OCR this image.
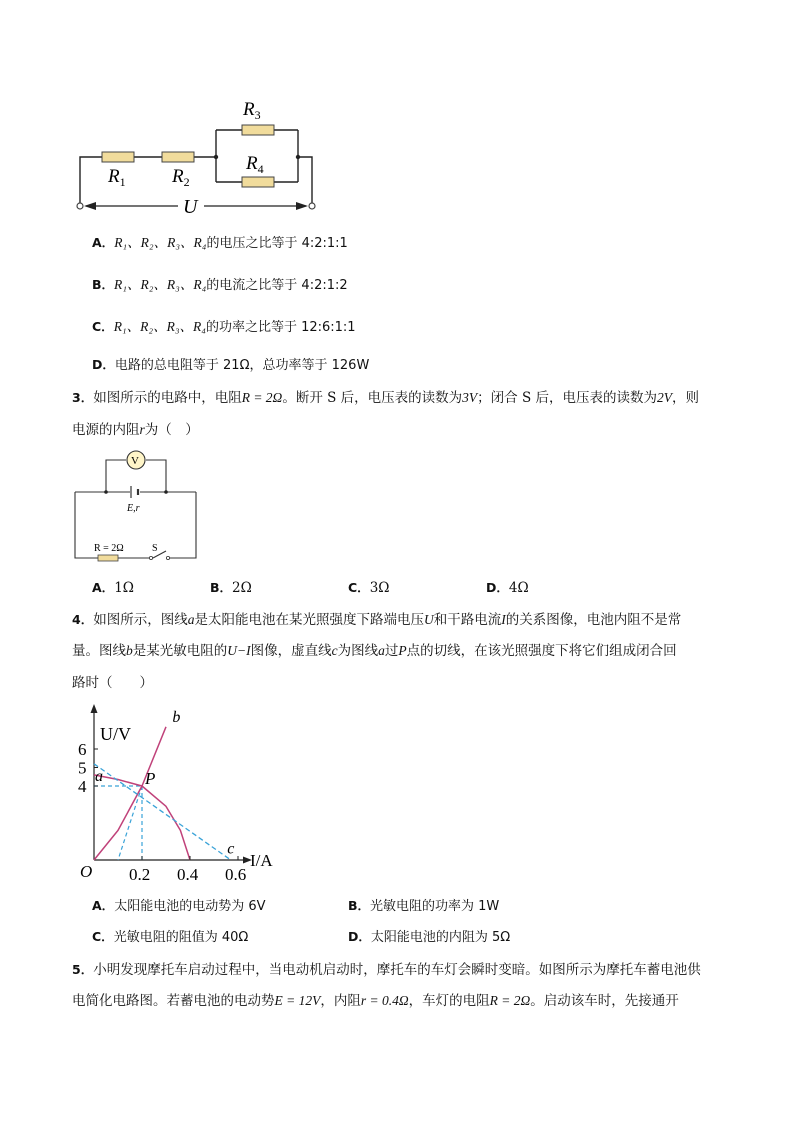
$R_1$ $R_2$
$R_3$
$R_4$
U
A．R₁、R₂、R₃、R₄的电压之比等于 4:2:1:1
B．R₁、R₂、R₃、R₄的电流之比等于 4:2:1:2
C．R₁、R₂、R₃、R₄的功率之比等于 12:6:1:1
D．电路的总电阻等于 21Ω，总功率等于 126W
3．如图所示的电路中，电阻R = 2Ω。断开 S 后，电压表的读数为3V；闭合 S 后，电压表的读数为2V，则
电源的内阻r为（　）
V
E,r
R = 2Ω	S
A．1Ω	B．2Ω	C．3Ω	D．4Ω
4．如图所示，图线a是太阳能电池在某光照强度下路端电压U和干路电流I的关系图像，电池内阻不是常
量。图线b是某光敏电阻的U−I图像，虚直线c为图线a过P点的切线，在该光照强度下将它们组成闭合回
路时（　　）
U/V
I/A
O
a
b
c
P
4
5
6
0.2 0.4 0.6
A．太阳能电池的电动势为 6V	B．光敏电阻的功率为 1W
C．光敏电阻的阻值为 40Ω	D．太阳能电池的内阻为 5Ω
5．小明发现摩托车启动过程中，当电动机启动时，摩托车的车灯会瞬时变暗。如图所示为摩托车蓄电池供
电简化电路图。若蓄电池的电动势E = 12V，内阻r = 0.4Ω，车灯的电阻R = 2Ω。启动该车时，先接通开
